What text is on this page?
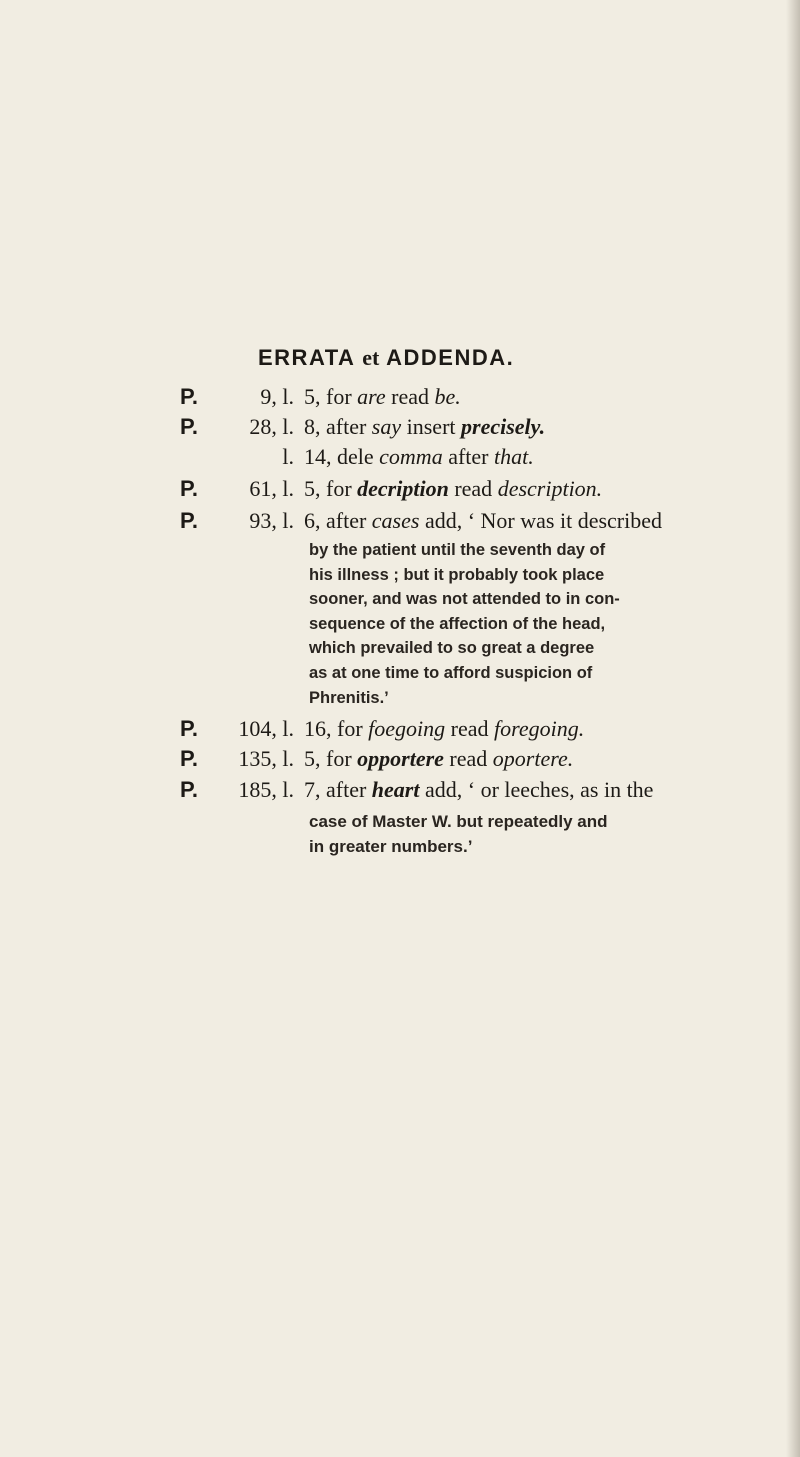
ERRATA et ADDENDA.
P.	9, l. 5, for are read be.
P.	28, l. 8, after say insert precisely.
l. 14, dele comma after that.
P.	61, l. 5, for decription read description.
P.	93, l. 6, after cases add, ‘ Nor was it described
by the patient until the seventh day of
his illness ; but it probably took place
sooner, and was not attended to in con-
sequence of the affection of the head,
which prevailed to so great a degree
as at one time to afford suspicion of
Phrenitis.’
P.	104, l. 16, for foegoing read foregoing.
P.	135, l. 5, for opportere read oportere.
P.	185, l. 7, after heart add, ‘ or leeches, as in the
case of Master W. but repeatedly and
in greater numbers.’
